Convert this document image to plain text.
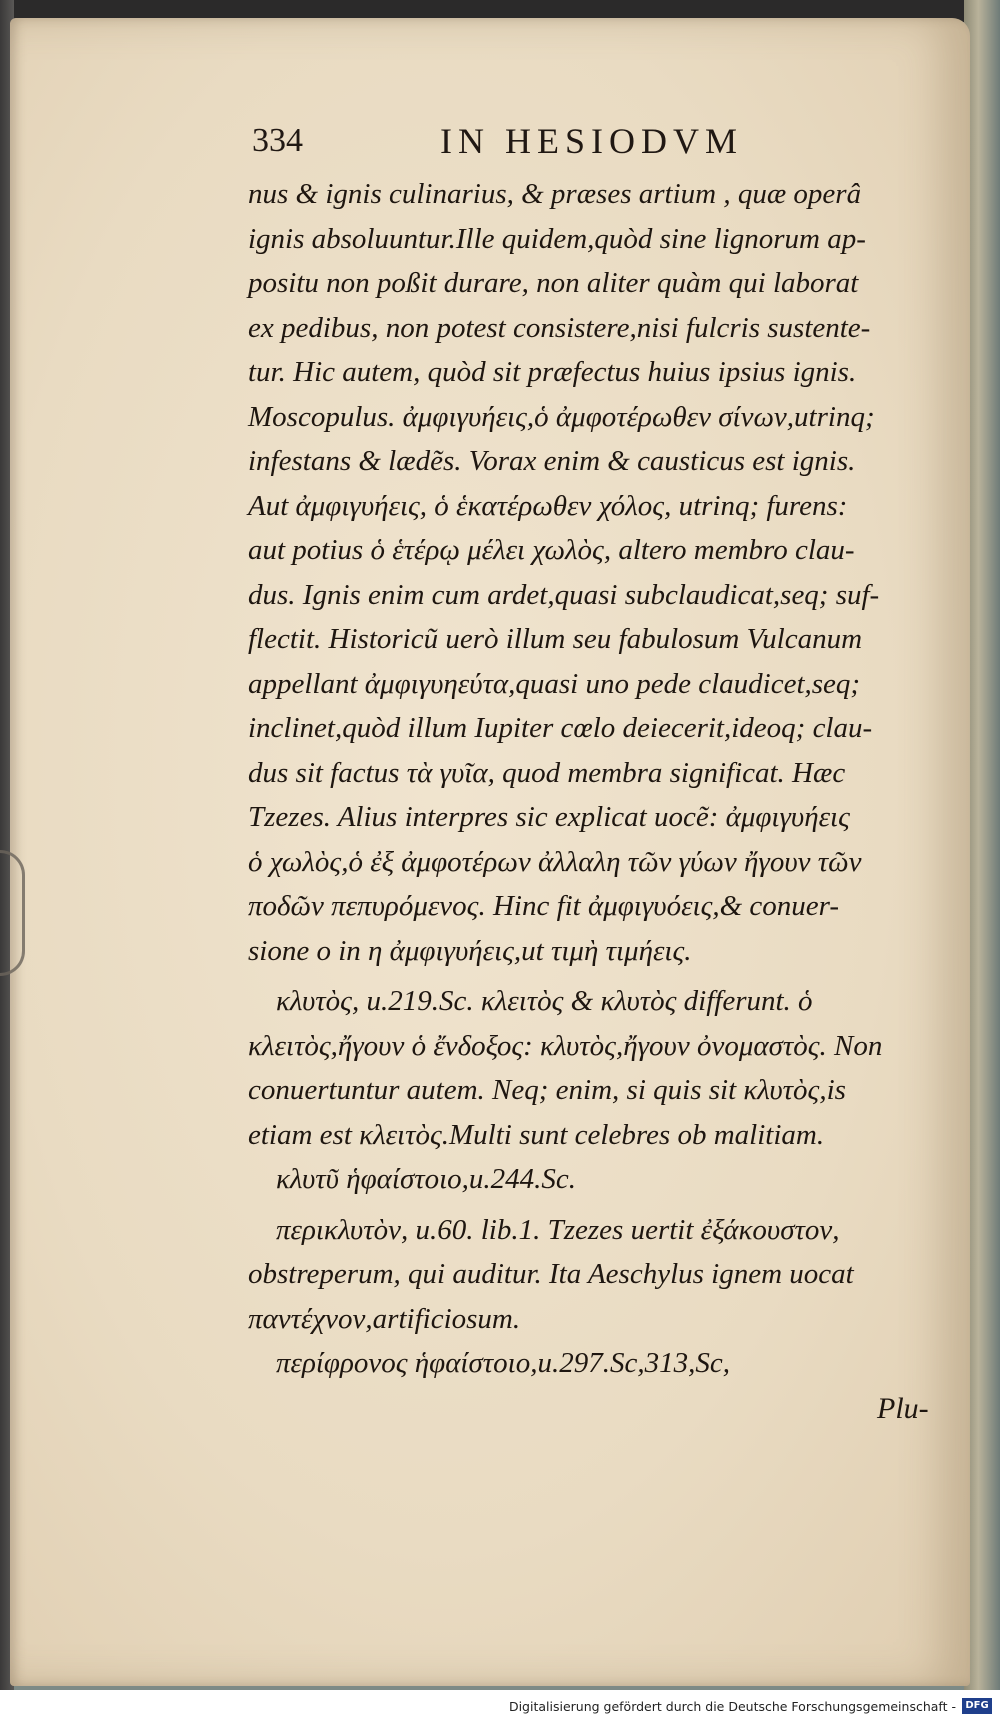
334	IN HESIODVM
nus & ignis culinarius, & præses artium , quæ operâ
ignis absoluuntur.Ille quidem,quòd sine lignorum ap-
positu non poßit durare, non aliter quàm qui laborat
ex pedibus, non potest consistere,nisi fulcris sustente-
tur. Hic autem, quòd sit præfectus huius ipsius ignis.
Moscopulus. ἀμφιγυήεις,ὁ ἀμφοτέρωθεν σίνων,utrinq;
infestans & lædẽs. Vorax enim & causticus est ignis.
Aut ἀμφιγυήεις, ὁ ἑκατέρωθεν χόλος, utrinq; furens:
aut potius ὁ ἑτέρῳ μέλει χωλὸς, altero membro clau-
dus. Ignis enim cum ardet,quasi subclaudicat,seq; suf-
flectit. Historicũ uerò illum seu fabulosum Vulcanum
appellant ἀμφιγυηεύτα,quasi uno pede claudicet,seq;
inclinet,quòd illum Iupiter cœlo deiecerit,ideoq; clau-
dus sit factus τὰ γυῖα, quod membra significat. Hæc
Tzezes. Alius interpres sic explicat uocẽ: ἀμφιγυήεις
ὁ χωλὸς,ὁ ἐξ ἀμφοτέρων ἀλλαλη τῶν γύων ἤγουν τῶν
ποδῶν πεπυρόμενος. Hinc fit ἀμφιγυόεις,& conuer-
sione o in η ἀμφιγυήεις,ut τιμὴ τιμήεις.
κλυτὸς, u.219.Sc. κλειτὸς & κλυτὸς differunt. ὁ
κλειτὸς,ἤγουν ὁ ἔνδοξος: κλυτὸς,ἤγουν ὀνομαστὸς. Non
conuertuntur autem. Neq; enim, si quis sit κλυτὸς,is
etiam est κλειτὸς.Multi sunt celebres ob malitiam.
κλυτῦ ἡφαίστοιο,u.244.Sc.
περικλυτὸν, u.60. lib.1. Tzezes uertit ἐξάκουστον,
obstreperum, qui auditur. Ita Aeschylus ignem uocat
παντέχνον,artificiosum.
περίφρονος ἡφαίστοιο,u.297.Sc,313,Sc,
Plu-
Digitalisierung gefördert durch die Deutsche Forschungsgemeinschaft - DFG
